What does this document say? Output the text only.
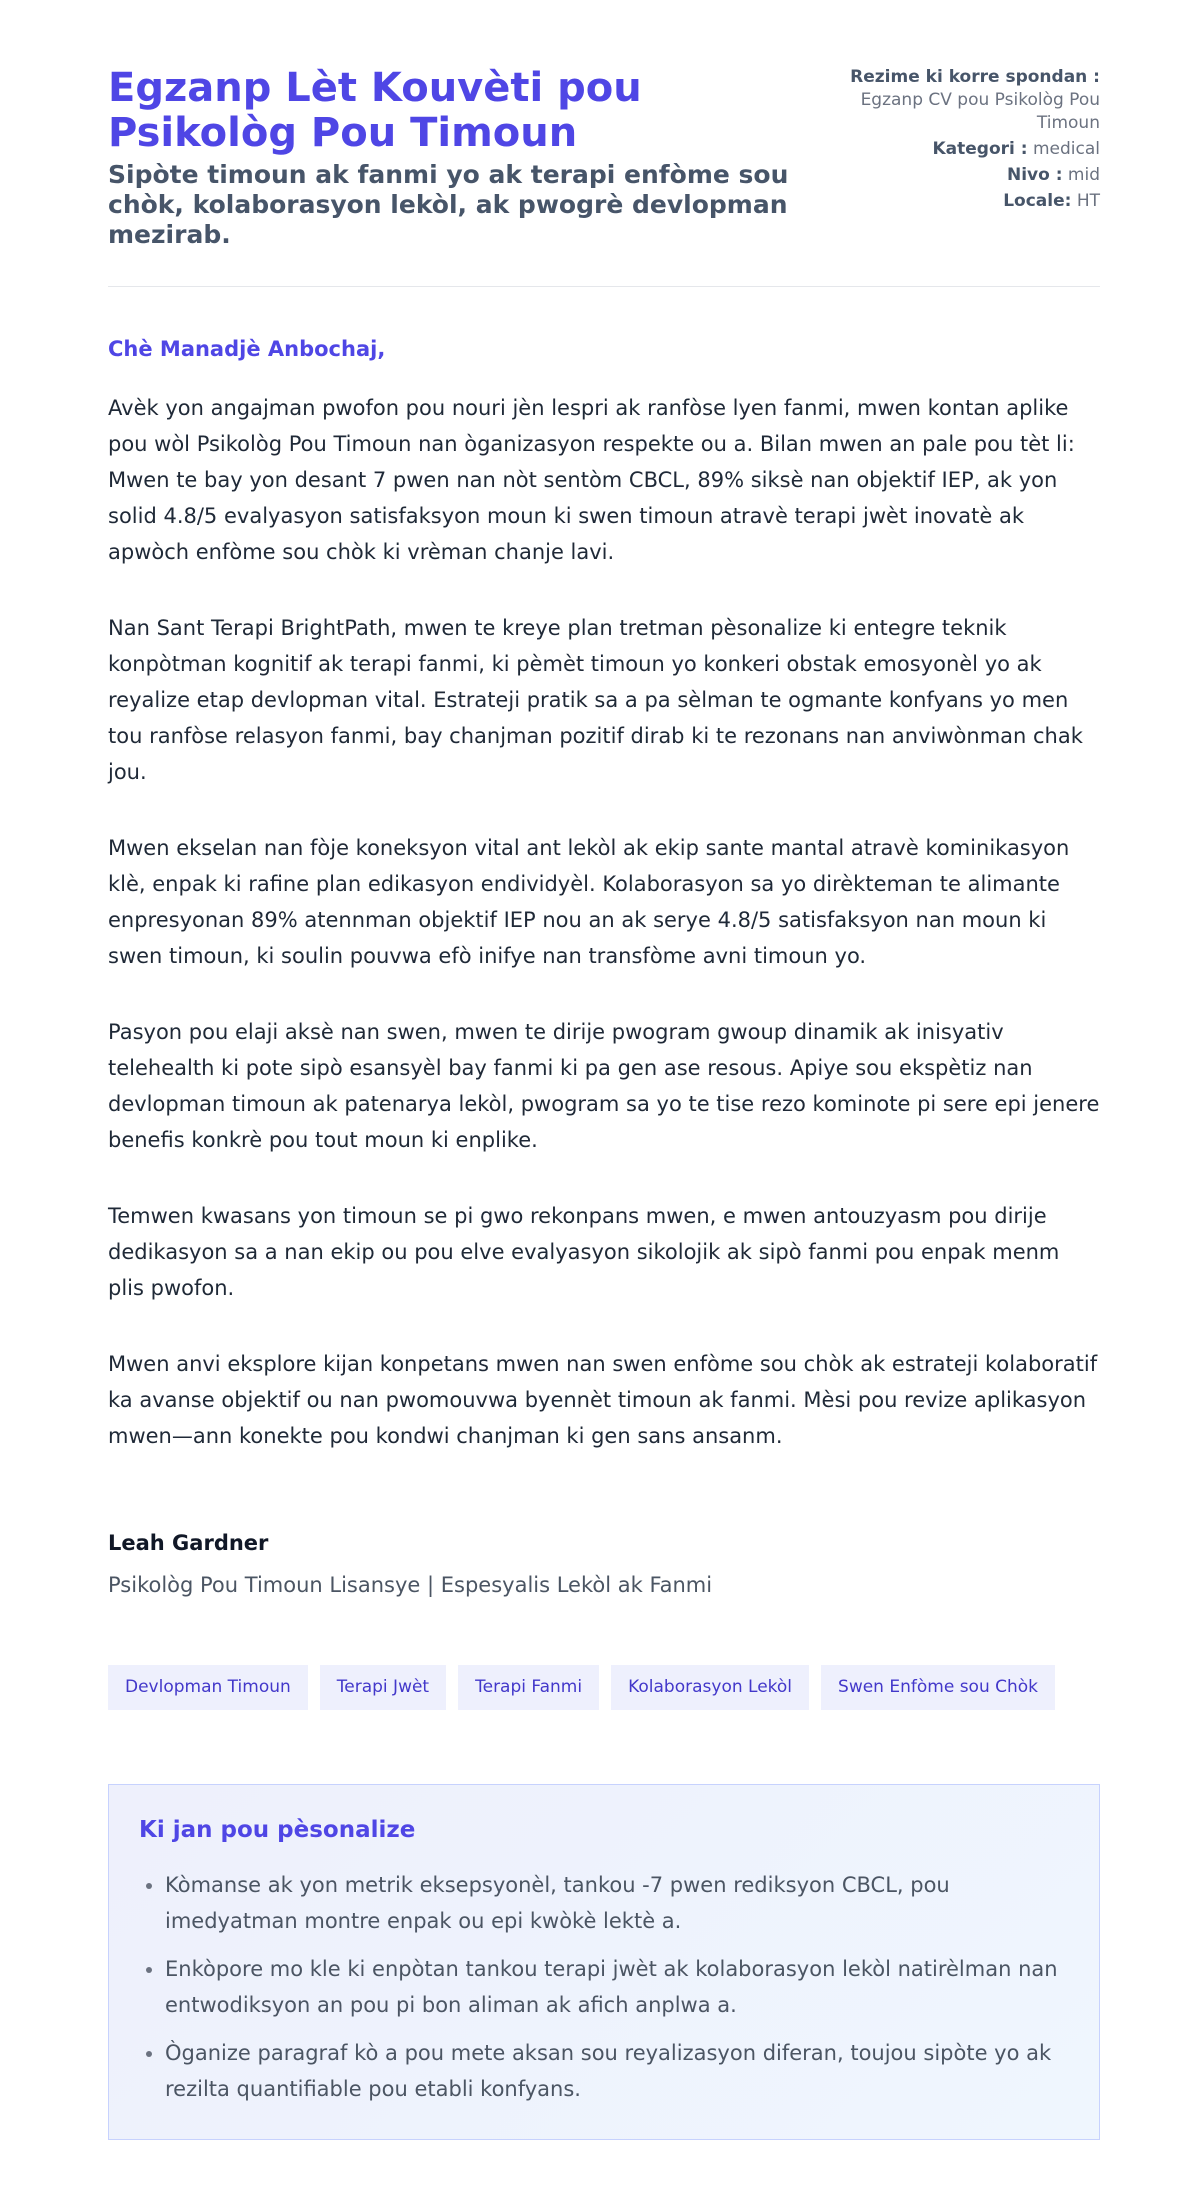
Egzanp Lèt Kouvèti pou Psikològ Pou Timoun
Sipòte timoun ak fanmi yo ak terapi enfòme sou chòk, kolaborasyon lekòl, ak pwogrè devlopman mezirab.

Rezime ki korre spondan :
Egzanp CV pou Psikològ Pou Timoun

Kategori : medical

Nivo : mid

Locale: HT

Chè Manadjè Anbochaj,

Avèk yon angajman pwofon pou nouri jèn lespri ak ranfòse lyen fanmi, mwen kontan aplike pou wòl Psikològ Pou Timoun nan òganizasyon respekte ou a. Bilan mwen an pale pou tèt li: Mwen te bay yon desant 7 pwen nan nòt sentòm CBCL, 89% siksè nan objektif IEP, ak yon solid 4.8/5 evalyasyon satisfaksyon moun ki swen timoun atravè terapi jwèt inovatè ak apwòch enfòme sou chòk ki vrèman chanje lavi.

Nan Sant Terapi BrightPath, mwen te kreye plan tretman pèsonalize ki entegre teknik konpòtman kognitif ak terapi fanmi, ki pèmèt timoun yo konkeri obstak emosyonèl yo ak reyalize etap devlopman vital. Estrateji pratik sa a pa sèlman te ogmante konfyans yo men tou ranfòse relasyon fanmi, bay chanjman pozitif dirab ki te rezonans nan anviwònman chak jou.

Mwen ekselan nan fòje koneksyon vital ant lekòl ak ekip sante mantal atravè kominikasyon klè, enpak ki rafine plan edikasyon endividyèl. Kolaborasyon sa yo dirèkteman te alimante enpresyonan 89% atennman objektif IEP nou an ak serye 4.8/5 satisfaksyon nan moun ki swen timoun, ki soulin pouvwa efò inifye nan transfòme avni timoun yo.

Pasyon pou elaji aksè nan swen, mwen te dirije pwogram gwoup dinamik ak inisyativ telehealth ki pote sipò esansyèl bay fanmi ki pa gen ase resous. Apiye sou ekspètiz nan devlopman timoun ak patenarya lekòl, pwogram sa yo te tise rezo kominote pi sere epi jenere benefis konkrè pou tout moun ki enplike.

Temwen kwasans yon timoun se pi gwo rekonpans mwen, e mwen antouzyasm pou dirije dedikasyon sa a nan ekip ou pou elve evalyasyon sikolojik ak sipò fanmi pou enpak menm plis pwofon.

Mwen anvi eksplore kijan konpetans mwen nan swen enfòme sou chòk ak estrateji kolaboratif ka avanse objektif ou nan pwomouvwa byennèt timoun ak fanmi. Mèsi pou revize aplikasyon mwen—ann konekte pou kondwi chanjman ki gen sans ansanm.

Leah Gardner

Psikològ Pou Timoun Lisansye | Espesyalis Lekòl ak Fanmi

Devlopman Timoun	Terapi Jwèt	Terapi Fanmi	Kolaborasyon Lekòl	Swen Enfòme sou Chòk
Ki jan pou pèsonalize
• Kòmanse ak yon metrik eksepsyonèl, tankou -7 pwen rediksyon CBCL, pou imedyatman montre enpak ou epi kwòkè lektè a.
• Enkòpore mo kle ki enpòtan tankou terapi jwèt ak kolaborasyon lekòl natirèlman nan entwodiksyon an pou pi bon aliman ak afich anplwa a.
• Òganize paragraf kò a pou mete aksan sou reyalizasyon diferan, toujou sipòte yo ak rezilta quantifiable pou etabli konfyans.
